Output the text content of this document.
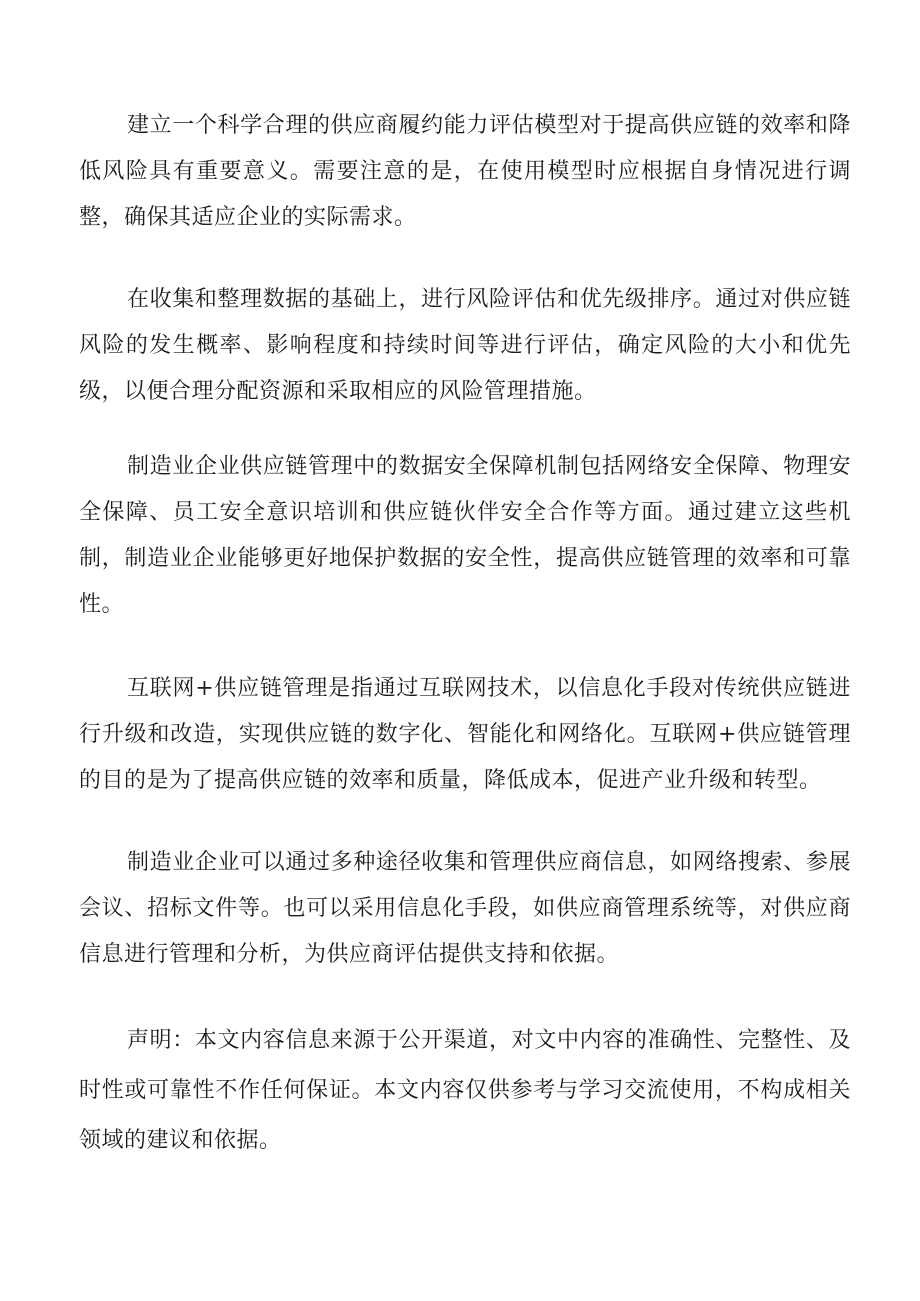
建立一个科学合理的供应商履约能力评估模型对于提高供应链的效率和降低风险具有重要意义。需要注意的是，在使用模型时应根据自身情况进行调整，确保其适应企业的实际需求。

在收集和整理数据的基础上，进行风险评估和优先级排序。通过对供应链风险的发生概率、影响程度和持续时间等进行评估，确定风险的大小和优先级，以便合理分配资源和采取相应的风险管理措施。

制造业企业供应链管理中的数据安全保障机制包括网络安全保障、物理安全保障、员工安全意识培训和供应链伙伴安全合作等方面。通过建立这些机制，制造业企业能够更好地保护数据的安全性，提高供应链管理的效率和可靠性。

互联网+供应链管理是指通过互联网技术，以信息化手段对传统供应链进行升级和改造，实现供应链的数字化、智能化和网络化。互联网+供应链管理的目的是为了提高供应链的效率和质量，降低成本，促进产业升级和转型。

制造业企业可以通过多种途径收集和管理供应商信息，如网络搜索、参展会议、招标文件等。也可以采用信息化手段，如供应商管理系统等，对供应商信息进行管理和分析，为供应商评估提供支持和依据。

声明：本文内容信息来源于公开渠道，对文中内容的准确性、完整性、及时性或可靠性不作任何保证。本文内容仅供参考与学习交流使用，不构成相关领域的建议和依据。
